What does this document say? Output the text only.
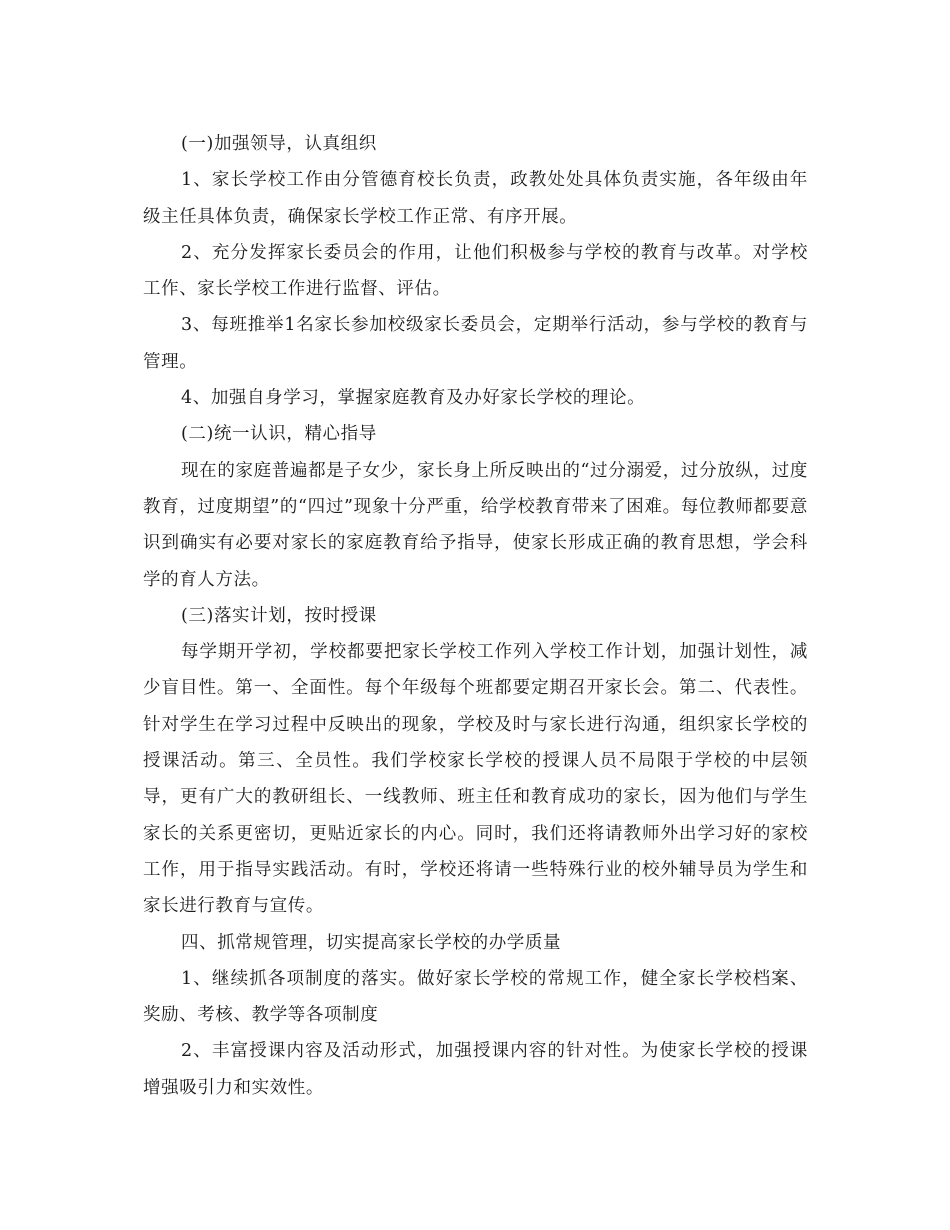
(一)加强领导，认真组织

1、家长学校工作由分管德育校长负责，政教处处具体负责实施，各年级由年级主任具体负责，确保家长学校工作正常、有序开展。

2、充分发挥家长委员会的作用，让他们积极参与学校的教育与改革。对学校工作、家长学校工作进行监督、评估。

3、每班推举1名家长参加校级家长委员会，定期举行活动，参与学校的教育与管理。

4、加强自身学习，掌握家庭教育及办好家长学校的理论。

(二)统一认识，精心指导

现在的家庭普遍都是子女少，家长身上所反映出的“过分溺爱，过分放纵，过度教育，过度期望”的“四过”现象十分严重，给学校教育带来了困难。每位教师都要意识到确实有必要对家长的家庭教育给予指导，使家长形成正确的教育思想，学会科学的育人方法。

(三)落实计划，按时授课

每学期开学初，学校都要把家长学校工作列入学校工作计划，加强计划性，减少盲目性。第一、全面性。每个年级每个班都要定期召开家长会。第二、代表性。针对学生在学习过程中反映出的现象，学校及时与家长进行沟通，组织家长学校的授课活动。第三、全员性。我们学校家长学校的授课人员不局限于学校的中层领导，更有广大的教研组长、一线教师、班主任和教育成功的家长，因为他们与学生家长的关系更密切，更贴近家长的内心。同时，我们还将请教师外出学习好的家校工作，用于指导实践活动。有时，学校还将请一些特殊行业的校外辅导员为学生和家长进行教育与宣传。

四、抓常规管理，切实提高家长学校的办学质量

1、继续抓各项制度的落实。做好家长学校的常规工作，健全家长学校档案、奖励、考核、教学等各项制度

2、丰富授课内容及活动形式，加强授课内容的针对性。为使家长学校的授课增强吸引力和实效性。
